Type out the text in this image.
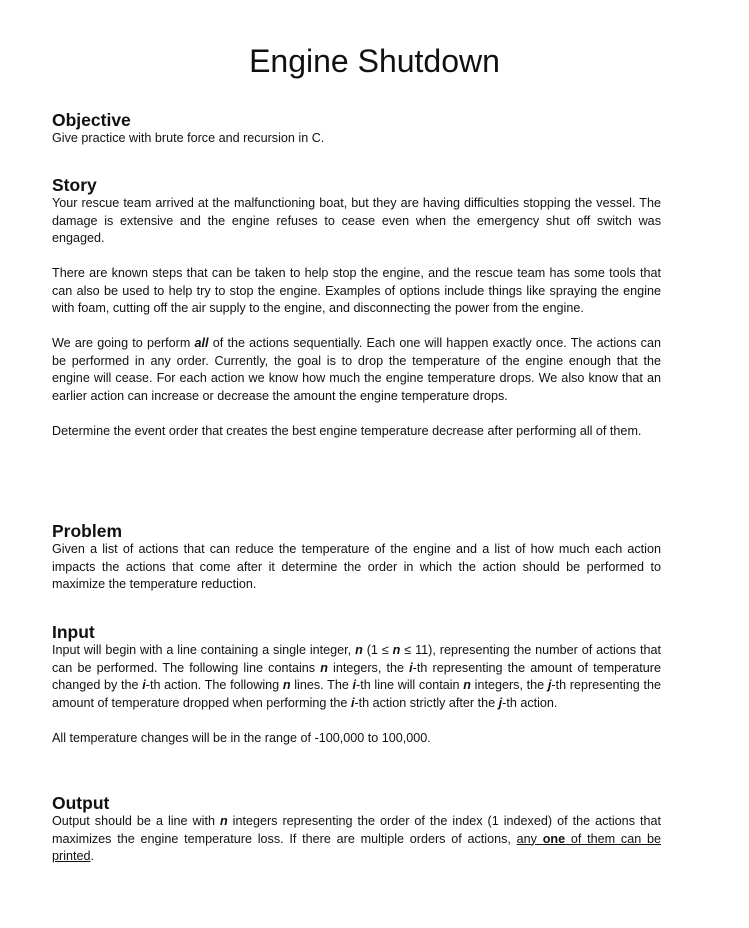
Engine Shutdown
Objective

Give practice with brute force and recursion in C.

Story

Your rescue team arrived at the malfunctioning boat, but they are having difficulties stopping the vessel. The damage is extensive and the engine refuses to cease even when the emergency shut off switch was engaged.

There are known steps that can be taken to help stop the engine, and the rescue team has some tools that can also be used to help try to stop the engine. Examples of options include things like spraying the engine with foam, cutting off the air supply to the engine, and disconnecting the power from the engine.

We are going to perform all of the actions sequentially. Each one will happen exactly once. The actions can be performed in any order. Currently, the goal is to drop the temperature of the engine enough that the engine will cease. For each action we know how much the engine temperature drops. We also know that an earlier action can increase or decrease the amount the engine temperature drops.

Determine the event order that creates the best engine temperature decrease after performing all of them.

Problem

Given a list of actions that can reduce the temperature of the engine and a list of how much each action impacts the actions that come after it determine the order in which the action should be performed to maximize the temperature reduction.

Input

Input will begin with a line containing a single integer, n (1 ≤ n ≤ 11), representing the number of actions that can be performed. The following line contains n integers, the i-th representing the amount of temperature changed by the i-th action. The following n lines. The i-th line will contain n integers, the j-th representing the amount of temperature dropped when performing the i-th action strictly after the j-th action.

All temperature changes will be in the range of -100,000 to 100,000.

Output

Output should be a line with n integers representing the order of the index (1 indexed) of the actions that maximizes the engine temperature loss. If there are multiple orders of actions, any one of them can be printed.
